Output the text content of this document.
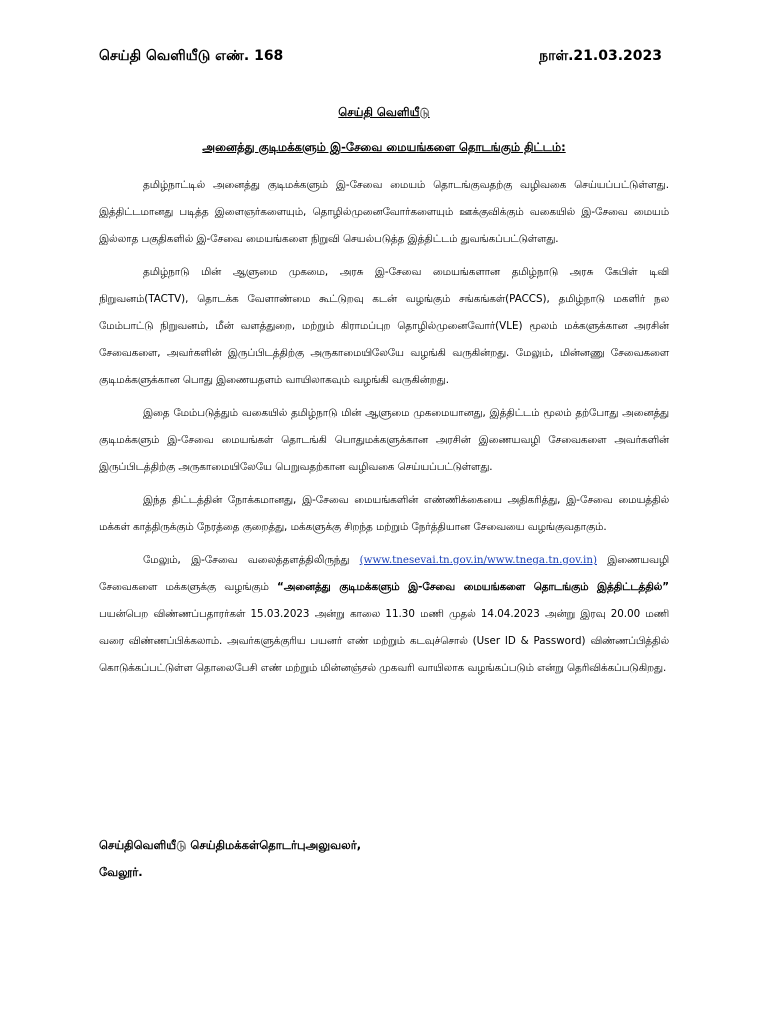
செய்தி வெளியீடு எண். 168	நாள்.21.03.2023
செய்தி வெளியீடு
அனைத்து குடிமக்களும் இ-சேவை மையங்களை தொடங்கும் திட்டம்:

தமிழ்நாட்டில் அனைத்து குடிமக்களும் இ-சேவை மையம் தொடங்குவதற்கு வழிவகை செய்யப்பட்டுள்ளது. இத்திட்டமானது படித்த இளைஞர்களையும், தொழில்முனைவோர்களையும் ஊக்குவிக்கும் வகையில் இ-சேவை மையம் இல்லாத பகுதிகளில் இ-சேவை மையங்களை நிறுவி செயல்படுத்த இத்திட்டம் துவங்கப்பட்டுள்ளது.

தமிழ்நாடு மின் ஆளுமை முகமை, அரசு இ-சேவை மையங்களான தமிழ்நாடு அரசு கேபிள் டிவி நிறுவனம்(TACTV), தொடக்க வேளாண்மை கூட்டுறவு கடன் வழங்கும் சங்கங்கள்(PACCS), தமிழ்நாடு மகளிர் நல மேம்பாட்டு நிறுவனம், மீன் வளத்துறை, மற்றும் கிராமப்புற தொழில்முனைவோர்(VLE) மூலம் மக்களுக்கான அரசின் சேவைகளை, அவர்களின் இருப்பிடத்திற்கு அருகாமையிலேயே வழங்கி வருகின்றது. மேலும், மின்னணு சேவைகளை குடிமக்களுக்கான பொது இணையதளம் வாயிலாகவும் வழங்கி வருகின்றது.

இதை மேம்படுத்தும் வகையில் தமிழ்நாடு மின் ஆளுமை முகமையானது, இத்திட்டம் மூலம் தற்போது அனைத்து குடிமக்களும் இ-சேவை மையங்கள் தொடங்கி பொதுமக்களுக்கான அரசின் இணையவழி சேவைகளை அவர்களின் இருப்பிடத்திற்கு அருகாமையிலேயே பெறுவதற்கான வழிவகை செய்யப்பட்டுள்ளது.

இந்த திட்டத்தின் நோக்கமானது, இ-சேவை மையங்களின் எண்ணிக்கையை அதிகரித்து, இ-சேவை மையத்தில் மக்கள் காத்திருக்கும் நேரத்தை குறைத்து, மக்களுக்கு சிறந்த மற்றும் நேர்த்தியான சேவையை வழங்குவதாகும்.

மேலும், இ-சேவை வலைத்தளத்திலிருந்து (www.tnesevai.tn.gov.in/www.tnega.tn.gov.in) இணையவழி சேவைகளை மக்களுக்கு வழங்கும் “அனைத்து குடிமக்களும் இ-சேவை மையங்களை தொடங்கும் இத்திட்டத்தில்” பயன்பெற விண்ணப்பதாரர்கள் 15.03.2023 அன்று காலை 11.30 மணி முதல் 14.04.2023 அன்று இரவு 20.00 மணி வரை விண்ணப்பிக்கலாம். அவர்களுக்குரிய பயனர் எண் மற்றும் கடவுச்சொல் (User ID & Password) விண்ணப்பித்தில் கொடுக்கப்பட்டுள்ள தொலைபேசி எண் மற்றும் மின்னஞ்சல் முகவரி வாயிலாக வழங்கப்படும் என்று தெரிவிக்கப்படுகிறது.

செய்திவெளியீடு செய்திமக்கள்தொடர்புஅலுவலர்,
வேலூர்.
